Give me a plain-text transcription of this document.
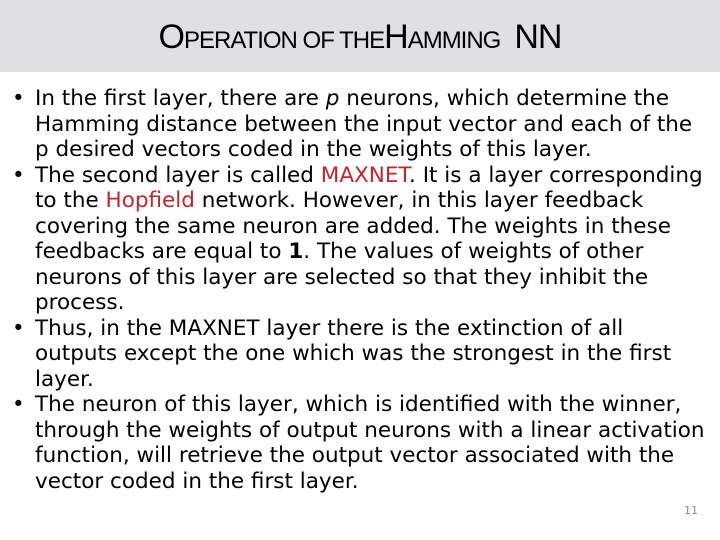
OPERATION OF THEHAMMING NN
• In the first layer, there are p neurons, which determine the Hamming distance between the input vector and each of the p desired vectors coded in the weights of this layer.
• The second layer is called MAXNET. It is a layer corresponding to the Hopfield network. However, in this layer feedback covering the same neuron are added. The weights in these feedbacks are equal to 1. The values of weights of other neurons of this layer are selected so that they inhibit the process.
• Thus, in the MAXNET layer there is the extinction of all outputs except the one which was the strongest in the first layer.
• The neuron of this layer, which is identified with the winner, through the weights of output neurons with a linear activation function, will retrieve the output vector associated with the vector coded in the first layer.
11
